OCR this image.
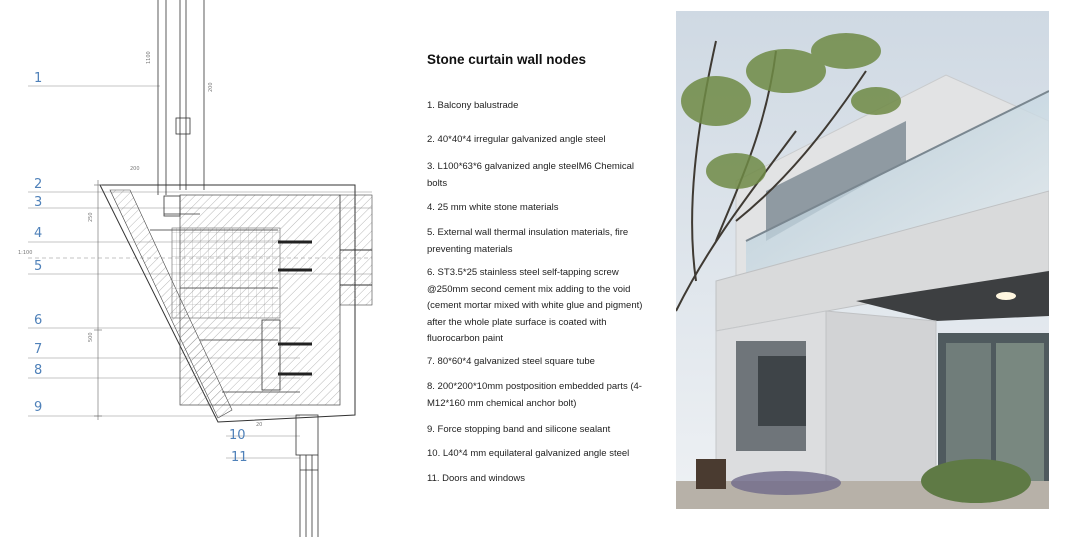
1100
200
250
500
200
1:100
20
1
2
3
4
5
6
7
8
9
10
11

Stone curtain wall nodes

1. Balcony balustrade

2. 40*40*4 irregular galvanized angle steel

3. L100*63*6 galvanized angle steelM6 Chemical bolts

4. 25 mm white stone materials

5. External wall thermal insulation materials, fire preventing materials

6. ST3.5*25 stainless steel self-tapping screw @250mm second cement mix adding to the void (cement mortar mixed with white glue and pigment) after the whole plate surface is coated with fluorocarbon paint

7. 80*60*4 galvanized steel square tube

8. 200*200*10mm postposition embedded parts (4-M12*160 mm chemical anchor bolt)

9. Force stopping band and silicone sealant

10. L40*4 mm equilateral galvanized angle steel

11. Doors and windows
